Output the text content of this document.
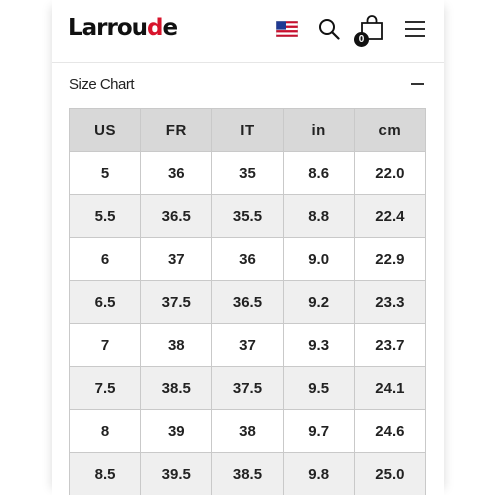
Larroude	0
Size Chart
US	FR	IT	in	cm
5	36	35	8.6	22.0
5.5	36.5	35.5	8.8	22.4
6	37	36	9.0	22.9
6.5	37.5	36.5	9.2	23.3
7	38	37	9.3	23.7
7.5	38.5	37.5	9.5	24.1
8	39	38	9.7	24.6
8.5	39.5	38.5	9.8	25.0
